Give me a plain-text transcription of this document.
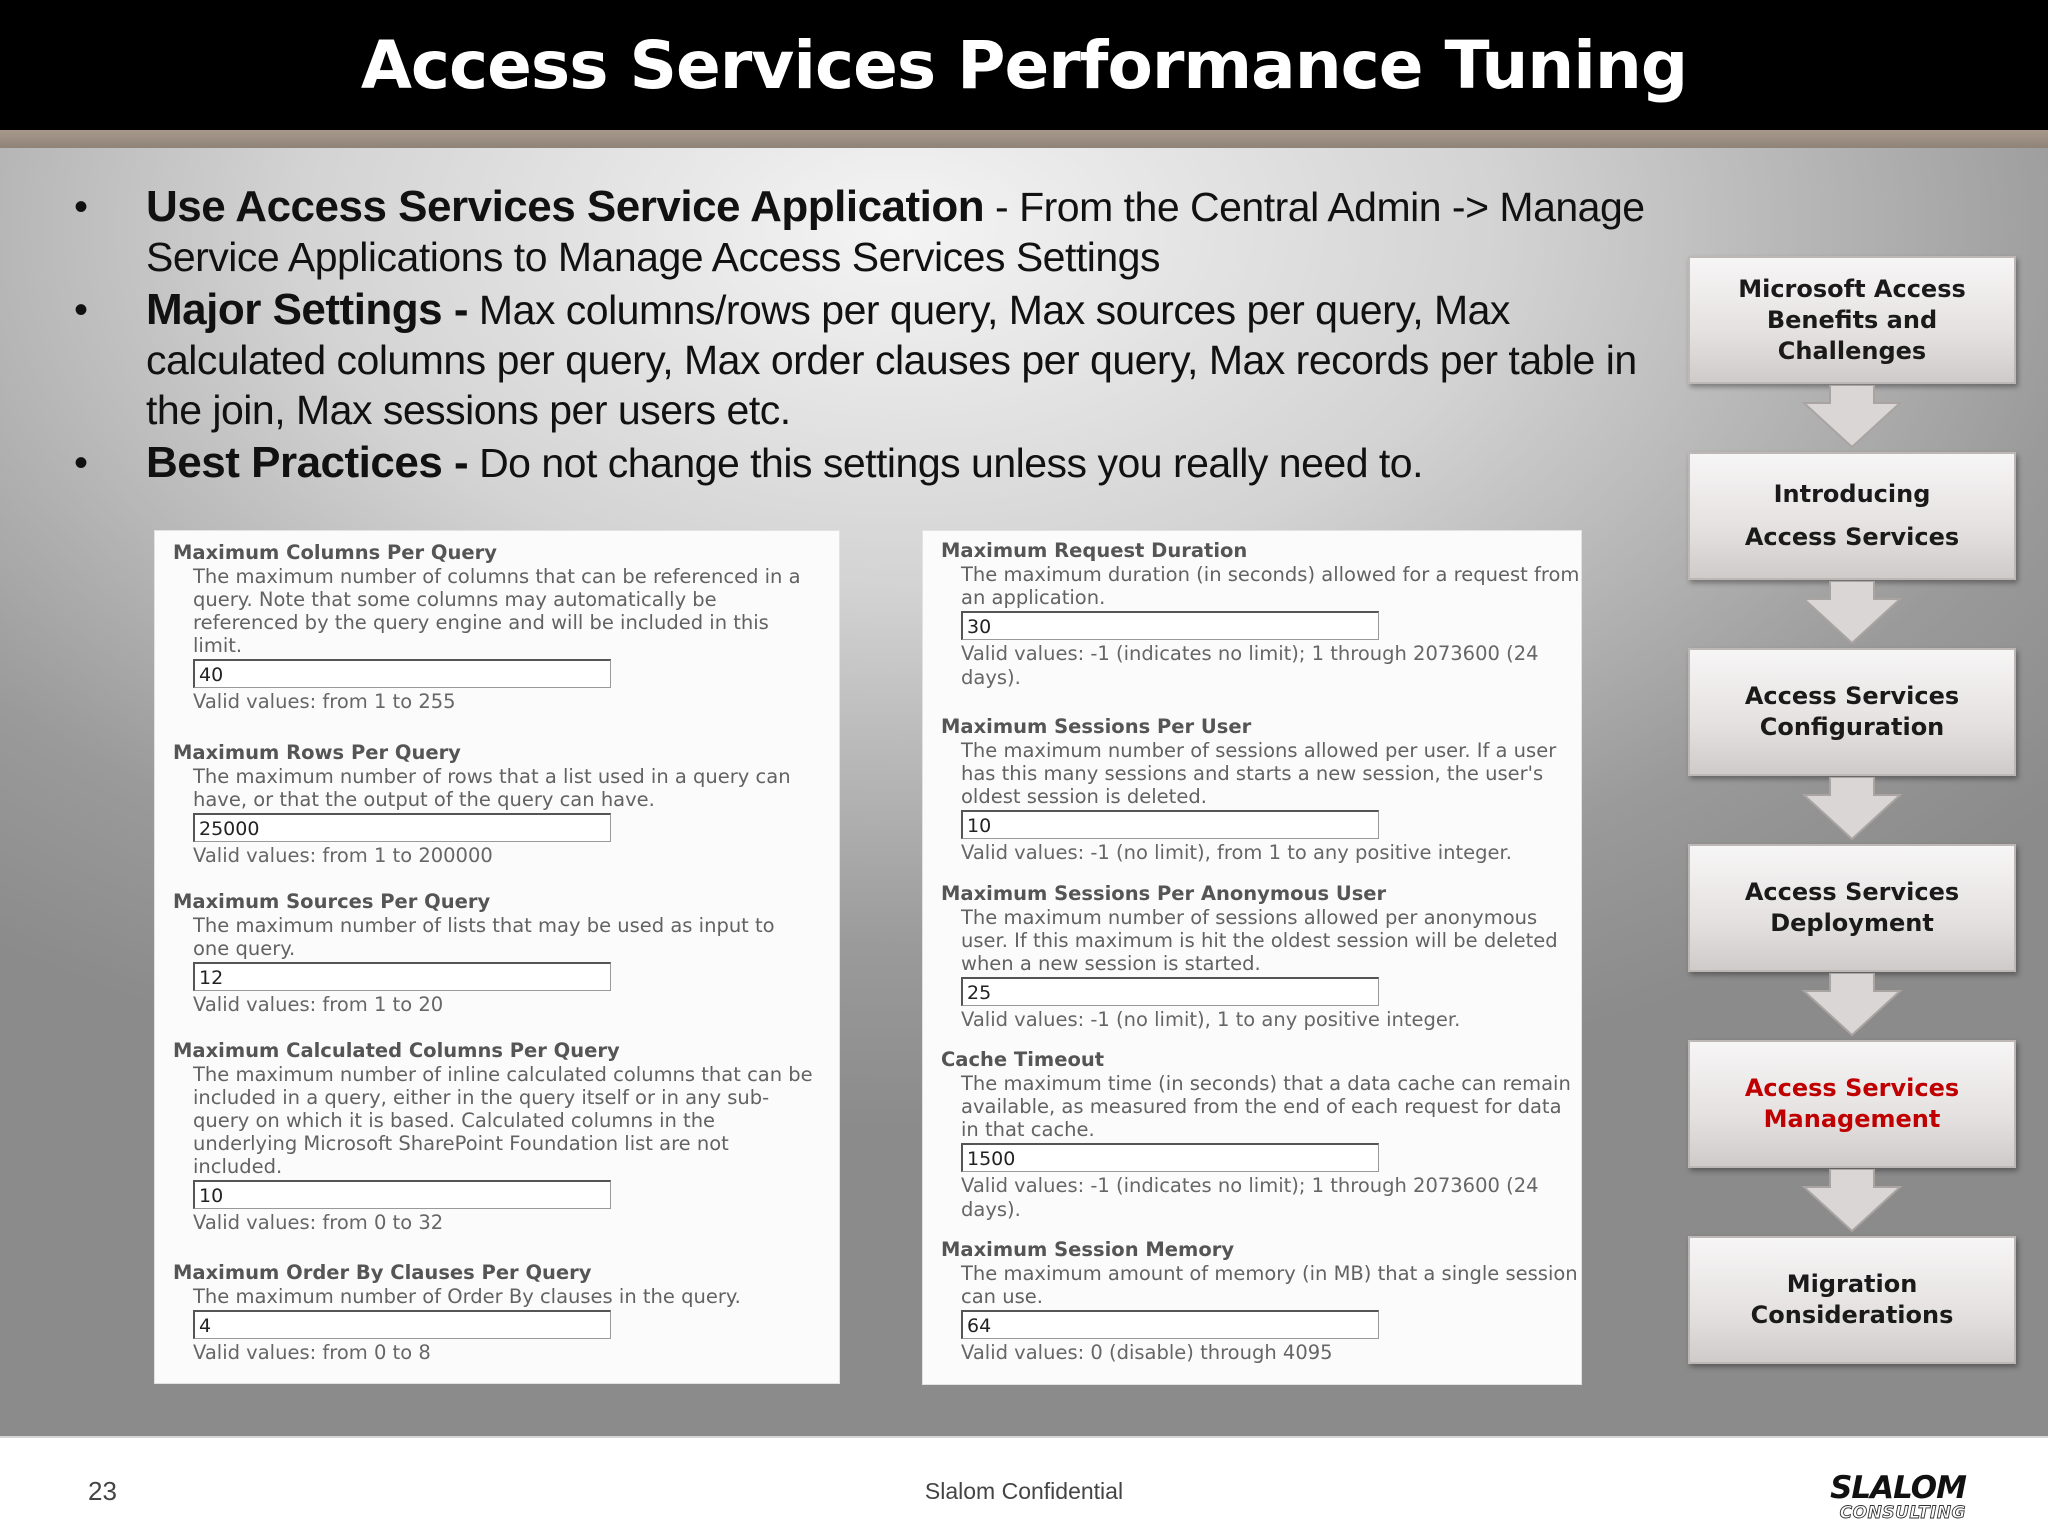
Access Services Performance Tuning
• Use Access Services Service Application - From the Central Admin -> Manage Service Applications to Manage Access Services Settings
• Major Settings - Max columns/rows per query, Max sources per query, Max calculated columns per query, Max order clauses per query, Max records per table in the join, Max sessions per users etc.
• Best Practices - Do not change this settings unless you really need to.
Maximum Columns Per Query
The maximum number of columns that can be referenced in a query. Note that some columns may automatically be referenced by the query engine and will be included in this limit.
40
Valid values: from 1 to 255
Maximum Rows Per Query
The maximum number of rows that a list used in a query can have, or that the output of the query can have.
25000
Valid values: from 1 to 200000
Maximum Sources Per Query
The maximum number of lists that may be used as input to one query.
12
Valid values: from 1 to 20
Maximum Calculated Columns Per Query
The maximum number of inline calculated columns that can be included in a query, either in the query itself or in any sub-query on which it is based. Calculated columns in the underlying Microsoft SharePoint Foundation list are not included.
10
Valid values: from 0 to 32
Maximum Order By Clauses Per Query
The maximum number of Order By clauses in the query.
4
Valid values: from 0 to 8
Maximum Request Duration
The maximum duration (in seconds) allowed for a request from an application.
30
Valid values: -1 (indicates no limit); 1 through 2073600 (24 days).
Maximum Sessions Per User
The maximum number of sessions allowed per user. If a user has this many sessions and starts a new session, the user's oldest session is deleted.
10
Valid values: -1 (no limit), from 1 to any positive integer.
Maximum Sessions Per Anonymous User
The maximum number of sessions allowed per anonymous user. If this maximum is hit the oldest session will be deleted when a new session is started.
25
Valid values: -1 (no limit), 1 to any positive integer.
Cache Timeout
The maximum time (in seconds) that a data cache can remain available, as measured from the end of each request for data in that cache.
1500
Valid values: -1 (indicates no limit); 1 through 2073600 (24 days).
Maximum Session Memory
The maximum amount of memory (in MB) that a single session can use.
64
Valid values: 0 (disable) through 4095
Microsoft Access
Benefits and Challenges
Introducing
Access Services
Access Services
Configuration
Access Services
Deployment
Access Services
Management
Migration
Considerations
23	Slalom Confidential	SLALOM
CONSULTING
